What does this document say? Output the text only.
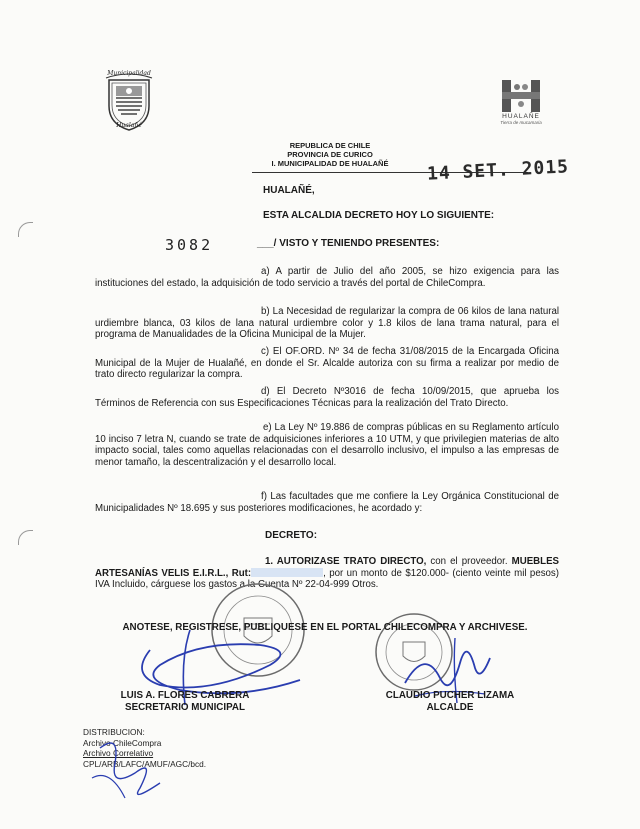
Municipalidad
Hualañé
HUALAÑE
Tierra de mucamaria
REPUBLICA DE CHILE
PROVINCIA DE CURICO
I. MUNICIPALIDAD DE HUALAÑÉ	14 SET. 2015
HUALAÑÉ,
ESTA ALCALDIA DECRETO HOY LO SIGUIENTE:
3082	___/ VISTO Y TENIENDO PRESENTES:
a) A partir de Julio del año 2005, se hizo exigencia para las instituciones del estado, la adquisición de todo servicio a través del portal de ChileCompra.
b) La Necesidad de regularizar la compra de 06 kilos de lana natural urdiembre blanca, 03 kilos de lana natural urdiembre color y 1.8 kilos de lana trama natural, para el programa de Manualidades de la Oficina Municipal de la Mujer.
c) El OF.ORD. Nº 34 de fecha 31/08/2015 de la Encargada Oficina Municipal de la Mujer de Hualañé, en donde el Sr. Alcalde autoriza con su firma a realizar por medio de trato directo regularizar la compra.
d) El Decreto Nº3016 de fecha 10/09/2015, que aprueba los Términos de Referencia con sus Especificaciones Técnicas para la realización del Trato Directo.
e) La Ley Nº 19.886 de compras públicas en su Reglamento artículo 10 inciso 7 letra N, cuando se trate de adquisiciones inferiores a 10 UTM, y que privilegien materias de alto impacto social, tales como aquellas relacionadas con el desarrollo inclusivo, el impulso a las empresas de menor tamaño, la descentralización y el desarrollo local.
f) Las facultades que me confiere la Ley Orgánica Constitucional de Municipalidades Nº 18.695 y sus posteriores modificaciones, he acordado y:
DECRETO:
1. AUTORIZASE TRATO DIRECTO, con el proveedor. MUEBLES ARTESANÍAS VELIS E.I.R.L., Rut:	, por un monto de $120.000- (ciento veinte mil pesos) IVA Incluido, cárguese los gastos a la Cuenta Nº 22-04-999 Otros.
ANOTESE, REGISTRESE, PUBLIQUESE EN EL PORTAL CHILECOMPRA Y ARCHIVESE.
LUIS A. FLORES CABRERA
SECRETARIO MUNICIPAL
CLAUDIO PUCHER LIZAMA
ALCALDE
DISTRIBUCION:
Archivo ChileCompra
Archivo Correlativo
CPL/ARB/LAFC/AMUF/AGC/bcd.
